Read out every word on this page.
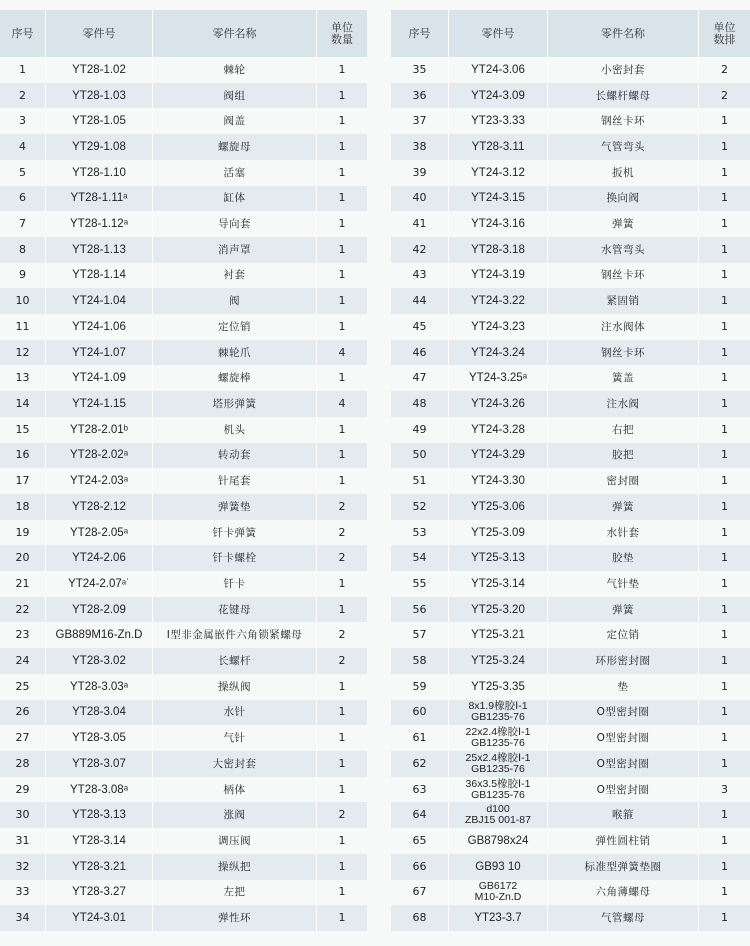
序号	零件号	零件名称	单位
数量
1	YT28-1.02	棘轮	1
2	YT28-1.03	阀组	1
3	YT28-1.05	阀盖	1
4	YT29-1.08	螺旋母	1
5	YT28-1.10	活塞	1
6	YT28-1.11ᵃ	缸体	1
7	YT28-1.12ᵃ	导向套	1
8	YT28-1.13	消声罩	1
9	YT28-1.14	衬套	1
10	YT24-1.04	阀	1
11	YT24-1.06	定位销	1
12	YT24-1.07	棘轮爪	4
13	YT24-1.09	螺旋棒	1
14	YT24-1.15	塔形弹簧	4
15	YT28-2.01ᵇ	机头	1
16	YT28-2.02ᵃ	转动套	1
17	YT24-2.03ᵃ	针尾套	1
18	YT28-2.12	弹簧垫	2
19	YT28-2.05ᵃ	钎卡弹簧	2
20	YT24-2.06	钎卡螺栓	2
21	YT24-2.07ᵃ˙	钎卡	1
22	YT28-2.09	花键母	1
23	GB889M16-Zn.D	Ⅰ型非金属嵌件六角锁紧螺母	2
24	YT28-3.02	长螺杆	2
25	YT28-3.03ᵃ	操纵阀	1
26	YT28-3.04	水针	1
27	YT28-3.05	气针	1
28	YT28-3.07	大密封套	1
29	YT28-3.08ᵃ	柄体	1
30	YT28-3.13	涨阀	2
31	YT28-3.14	调压阀	1
32	YT28-3.21	操纵把	1
33	YT28-3.27	左把	1
34	YT24-3.01	弹性环	1
序号	零件号	零件名称	单位
数排
35	YT24-3.06	小密封套	2
36	YT24-3.09	长螺杆螺母	2
37	YT23-3.33	钢丝卡环	1
38	YT28-3.11	气管弯头	1
39	YT24-3.12	扳机	1
40	YT24-3.15	换向阀	1
41	YT24-3.16	弹簧	1
42	YT28-3.18	水管弯头	1
43	YT24-3.19	钢丝卡环	1
44	YT24-3.22	紧固销	1
45	YT24-3.23	注水阀体	1
46	YT24-3.24	钢丝卡环	1
47	YT24-3.25ᵃ	簧盖	1
48	YT24-3.26	注水阀	1
49	YT24-3.28	右把	1
50	YT24-3.29	胶把	1
51	YT24-3.30	密封圈	1
52	YT25-3.06	弹簧	1
53	YT25-3.09	水针套	1
54	YT25-3.13	胶垫	1
55	YT25-3.14	气针垫	1
56	YT25-3.20	弹簧	1
57	YT25-3.21	定位销	1
58	YT25-3.24	环形密封圈	1
59	YT25-3.35	垫	1
60	8x1.9橡胶Ⅰ-1
GB1235-76	O型密封圈	1
61	22x2.4橡胶Ⅰ-1
GB1235-76	O型密封圈	1
62	25x2.4橡胶Ⅰ-1
GB1235-76	O型密封圈	1
63	36x3.5橡胶Ⅰ-1
GB1235-76	O型密封圈	3
64	d100
ZBJ15 001-87	喉箍	1
65	GB8798x24	弹性圆柱销	1
66	GB93 10	标准型弹簧垫圈	1
67	GB6172
M10-Zn.D	六角薄螺母	1
68	YT23-3.7	气管螺母	1
